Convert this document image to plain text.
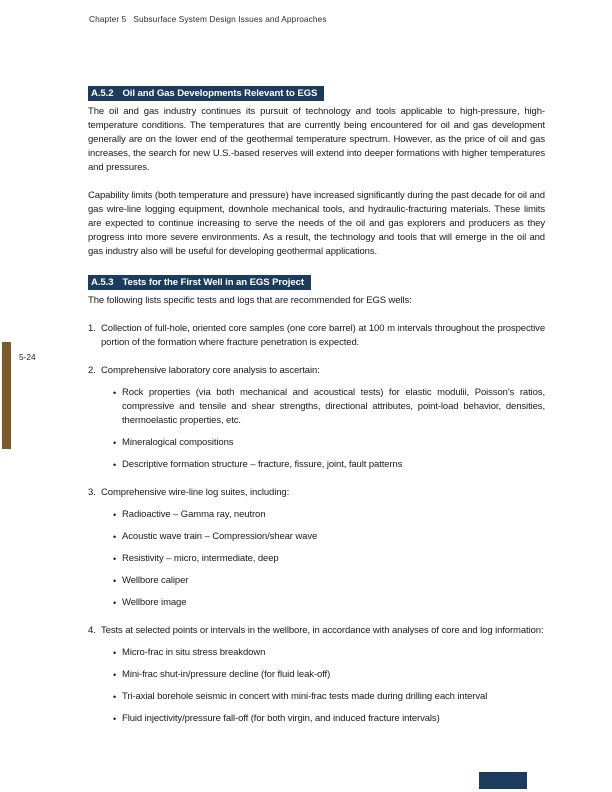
Chapter 5 Subsurface System Design Issues and Approaches
5-24
A.5.2 Oil and Gas Developments Relevant to EGS

The oil and gas industry continues its pursuit of technology and tools applicable to high-pressure, high-temperature conditions. The temperatures that are currently being encountered for oil and gas development generally are on the lower end of the geothermal temperature spectrum. However, as the price of oil and gas increases, the search for new U.S.-based reserves will extend into deeper formations with higher temperatures and pressures.

Capability limits (both temperature and pressure) have increased significantly during the past decade for oil and gas wire-line logging equipment, downhole mechanical tools, and hydraulic-fracturing materials. These limits are expected to continue increasing to serve the needs of the oil and gas explorers and producers as they progress into more severe environments. As a result, the technology and tools that will emerge in the oil and gas industry also will be useful for developing geothermal applications.

A.5.3 Tests for the First Well in an EGS Project

The following lists specific tests and logs that are recommended for EGS wells:

1. Collection of full-hole, oriented core samples (one core barrel) at 100 m intervals throughout the prospective portion of the formation where fracture penetration is expected.
2. Comprehensive laboratory core analysis to ascertain:
• Rock properties (via both mechanical and acoustical tests) for elastic modulii, Poisson's ratios, compressive and tensile and shear strengths, directional attributes, point-load behavior, densities, thermoelastic properties, etc.
• Mineralogical compositions
• Descriptive formation structure – fracture, fissure, joint, fault patterns
3. Comprehensive wire-line log suites, including:
• Radioactive – Gamma ray, neutron
• Acoustic wave train – Compression/shear wave
• Resistivity – micro, intermediate, deep
• Wellbore caliper
• Wellbore image
4. Tests at selected points or intervals in the wellbore, in accordance with analyses of core and log information:
• Micro-frac in situ stress breakdown
• Mini-frac shut-in/pressure decline (for fluid leak-off)
• Tri-axial borehole seismic in concert with mini-frac tests made during drilling each interval
• Fluid injectivity/pressure fall-off (for both virgin, and induced fracture intervals)
